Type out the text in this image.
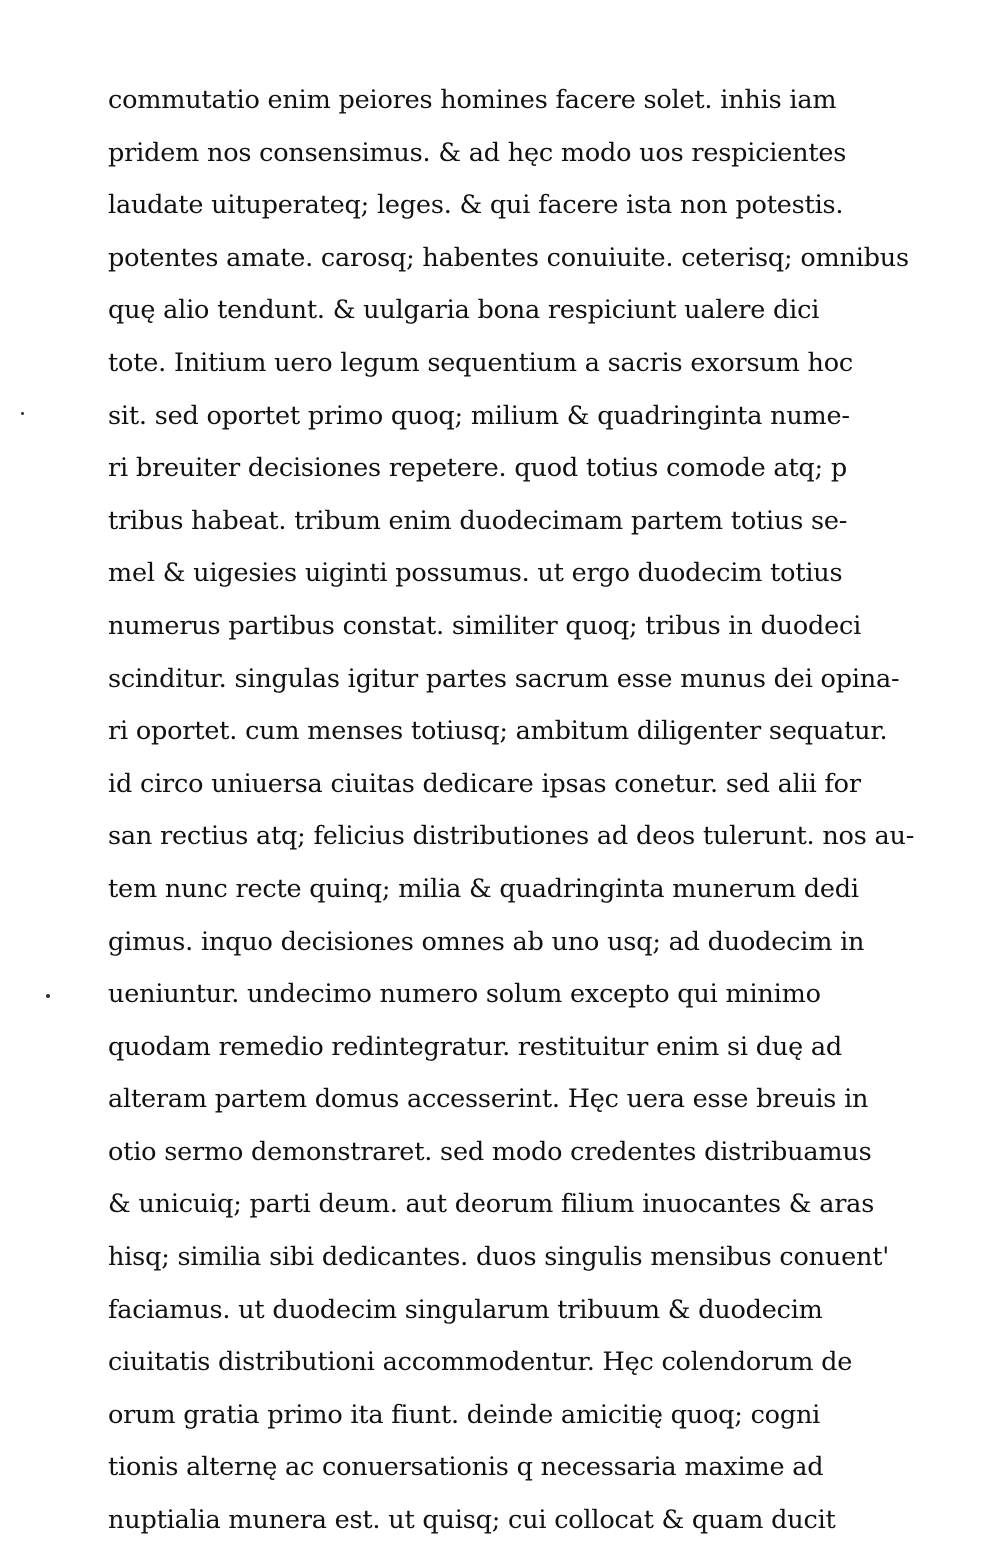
commutatio enim peiores homines facere solet. inhis iam
pridem nos consensimus. & ad hęc modo uos respicientes
laudate uituperateq; leges. & qui facere ista non potestis.
potentes amate. carosq; habentes conuiuite. ceterisq; omnibus
quę alio tendunt. & uulgaria bona respiciunt ualere dici
tote. Initium uero legum sequentium a sacris exorsum hoc
sit. sed oportet primo quoq; milium & quadringinta nume-
ri breuiter decisiones repetere. quod totius comode atq; p
tribus habeat. tribum enim duodecimam partem totius se-
mel & uigesies uiginti possumus. ut ergo duodecim totius
numerus partibus constat. similiter quoq; tribus in duodeci
scinditur. singulas igitur partes sacrum esse munus dei opina-
ri oportet. cum menses totiusq; ambitum diligenter sequatur.
id circo uniuersa ciuitas dedicare ipsas conetur. sed alii for
san rectius atq; felicius distributiones ad deos tulerunt. nos au-
tem nunc recte quinq; milia & quadringinta munerum dedi
gimus. inquo decisiones omnes ab uno usq; ad duodecim in
ueniuntur. undecimo numero solum excepto qui minimo
quodam remedio redintegratur. restituitur enim si duę ad
alteram partem domus accesserint. Hęc uera esse breuis in
otio sermo demonstraret. sed modo credentes distribuamus
& unicuiq; parti deum. aut deorum filium inuocantes & aras
hisq; similia sibi dedicantes. duos singulis mensibus conuent'
faciamus. ut duodecim singularum tribuum & duodecim
ciuitatis distributioni accommodentur. Hęc colendorum de
orum gratia primo ita fiunt. deinde amicitię quoq; cogni
tionis alternę ac conuersationis q necessaria maxime ad
nuptialia munera est. ut quisq; cui collocat & quam ducit
